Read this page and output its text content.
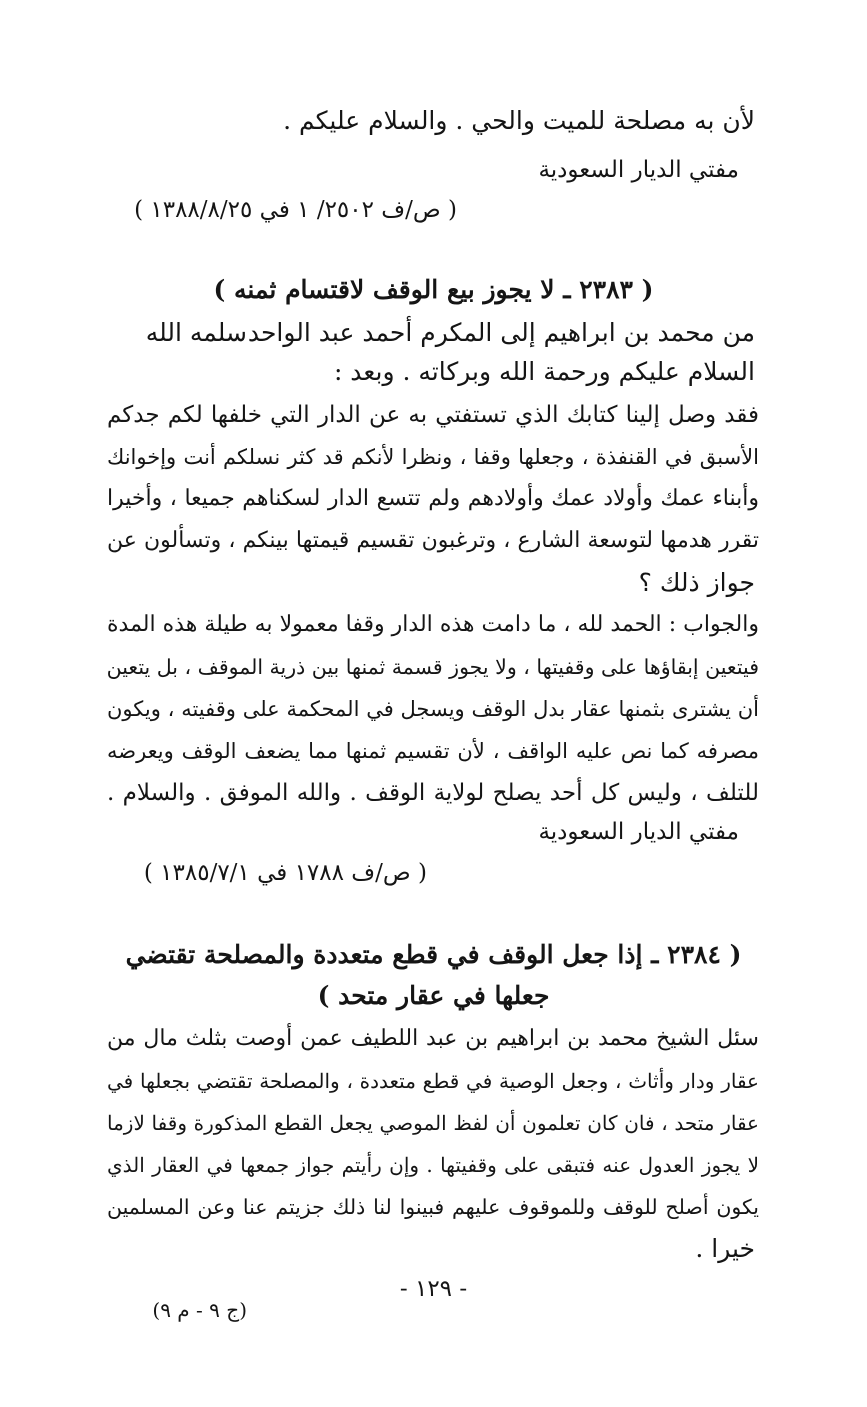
لأن به مصلحة للميت والحي . والسلام عليكم .
مفتي الديار السعودية
( ص/ف ٢٥٠٢/ ١ في ١٣٨٨/٨/٢٥ )
( ٢٣٨٣ ـ لا يجوز بيع الوقف لاقتسام ثمنه )
من محمد بن ابراهيم إلى المكرم أحمد عبد الواحد
سلمه الله
السلام عليكم ورحمة الله وبركاته . وبعد :
فقد وصل إلينا كتابك الذي تستفتي به عن الدار التي خلفها لكم جدكم
الأسبق في القنفذة ، وجعلها وقفا ، ونظرا لأنكم قد كثر نسلكم أنت وإخوانك
وأبناء عمك وأولاد عمك وأولادهم ولم تتسع الدار لسكناهم جميعا ، وأخيرا
تقرر هدمها لتوسعة الشارع ، وترغبون تقسيم قيمتها بينكم ، وتسألون عن
جواز ذلك ؟
والجواب : الحمد لله ، ما دامت هذه الدار وقفا معمولا به طيلة هذه المدة
فيتعين إبقاؤها على وقفيتها ، ولا يجوز قسمة ثمنها بين ذرية الموقف ، بل يتعين
أن يشترى بثمنها عقار بدل الوقف ويسجل في المحكمة على وقفيته ، ويكون
مصرفه كما نص عليه الواقف ، لأن تقسيم ثمنها مما يضعف الوقف ويعرضه
للتلف ، وليس كل أحد يصلح لولاية الوقف . والله الموفق . والسلام .
مفتي الديار السعودية
( ص/ف ١٧٨٨ في ١٣٨٥/٧/١ )
( ٢٣٨٤ ـ إذا جعل الوقف في قطع متعددة والمصلحة تقتضي
جعلها في عقار متحد )
سئل الشيخ محمد بن ابراهيم بن عبد اللطيف عمن أوصت بثلث مال من
عقار ودار وأثاث ، وجعل الوصية في قطع متعددة ، والمصلحة تقتضي بجعلها في
عقار متحد ، فان كان تعلمون أن لفظ الموصي يجعل القطع المذكورة وقفا لازما
لا يجوز العدول عنه فتبقى على وقفيتها . وإن رأيتم جواز جمعها في العقار الذي
يكون أصلح للوقف وللموقوف عليهم فبينوا لنا ذلك جزيتم عنا وعن المسلمين
خيرا .
- ١٢٩ -
(ج ٩ - م ٩)
